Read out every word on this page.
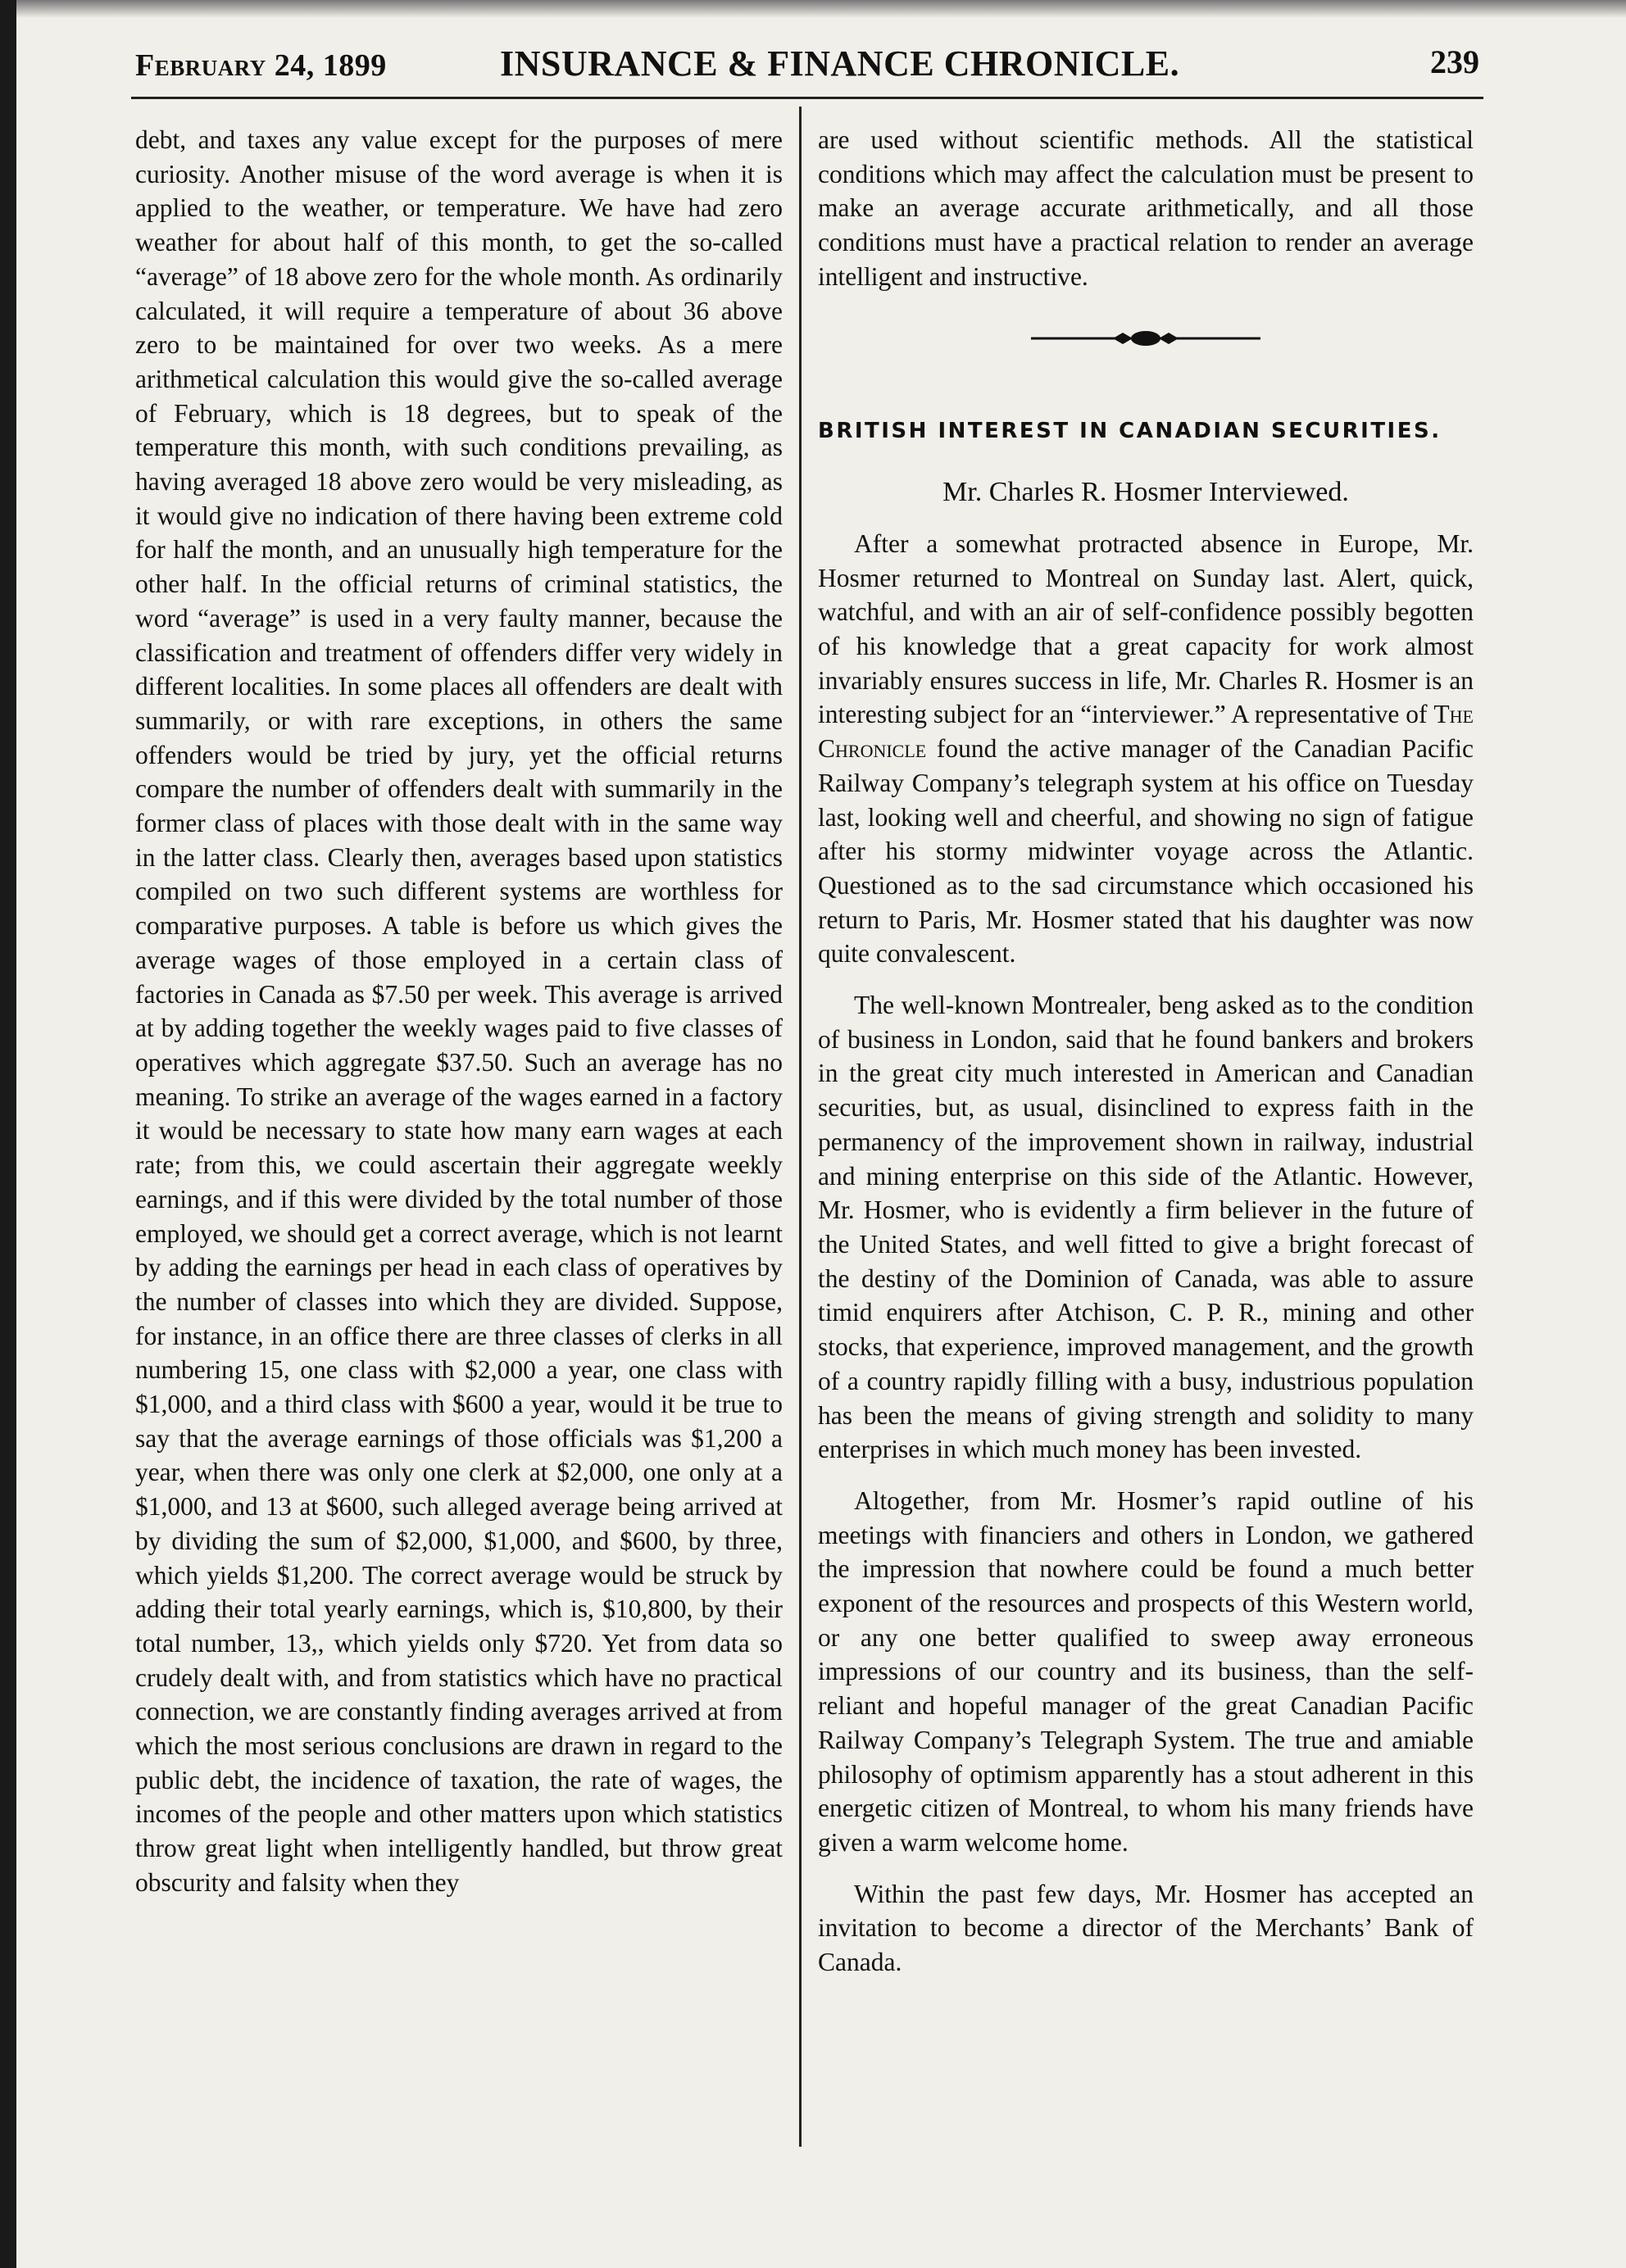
February 24, 1899	INSURANCE & FINANCE CHRONICLE.	239

debt, and taxes any value except for the purposes of mere curiosity. Another misuse of the word average is when it is applied to the weather, or temperature. We have had zero weather for about half of this month, to get the so-called “average” of 18 above zero for the whole month. As ordinarily calculated, it will require a temperature of about 36 above zero to be maintained for over two weeks. As a mere arithmetical calculation this would give the so-called average of February, which is 18 degrees, but to speak of the temperature this month, with such conditions prevailing, as having averaged 18 above zero would be very misleading, as it would give no indication of there having been extreme cold for half the month, and an unusually high temperature for the other half. In the official returns of criminal statistics, the word “average” is used in a very faulty manner, because the classification and treatment of offenders differ very widely in different localities. In some places all offenders are dealt with summarily, or with rare exceptions, in others the same offenders would be tried by jury, yet the official returns compare the number of offenders dealt with summarily in the former class of places with those dealt with in the same way in the latter class. Clearly then, averages based upon statistics compiled on two such different systems are worthless for comparative purposes. A table is before us which gives the average wages of those employed in a certain class of factories in Canada as $7.50 per week. This average is arrived at by adding together the weekly wages paid to five classes of operatives which aggregate $37.50. Such an average has no meaning. To strike an average of the wages earned in a factory it would be necessary to state how many earn wages at each rate; from this, we could ascertain their aggregate weekly earnings, and if this were divided by the total number of those employed, we should get a correct average, which is not learnt by adding the earnings per head in each class of operatives by the number of classes into which they are divided. Suppose, for instance, in an office there are three classes of clerks in all numbering 15, one class with $2,000 a year, one class with $1,000, and a third class with $600 a year, would it be true to say that the average earnings of those officials was $1,200 a year, when there was only one clerk at $2,000, one only at a $1,000, and 13 at $600, such alleged average being arrived at by dividing the sum of $2,000, $1,000, and $600, by three, which yields $1,200. The correct average would be struck by adding their total yearly earnings, which is, $10,800, by their total number, 13,, which yields only $720. Yet from data so crudely dealt with, and from statistics which have no practical connection, we are constantly finding averages arrived at from which the most serious conclusions are drawn in regard to the public debt, the incidence of taxation, the rate of wages, the incomes of the people and other matters upon which statistics throw great light when intelligently handled, but throw great obscurity and falsity when they

are used without scientific methods. All the statistical conditions which may affect the calculation must be present to make an average accurate arithmetically, and all those conditions must have a practical relation to render an average intelligent and instructive.

BRITISH INTEREST IN CANADIAN SECURITIES.
Mr. Charles R. Hosmer Interviewed.

After a somewhat protracted absence in Europe, Mr. Hosmer returned to Montreal on Sunday last. Alert, quick, watchful, and with an air of self-confidence possibly begotten of his knowledge that a great capacity for work almost invariably ensures success in life, Mr. Charles R. Hosmer is an interesting subject for an “interviewer.” A representative of The Chronicle found the active manager of the Canadian Pacific Railway Company’s telegraph system at his office on Tuesday last, looking well and cheerful, and showing no sign of fatigue after his stormy midwinter voyage across the Atlantic. Questioned as to the sad circumstance which occasioned his return to Paris, Mr. Hosmer stated that his daughter was now quite convalescent.

The well-known Montrealer, beng asked as to the condition of business in London, said that he found bankers and brokers in the great city much interested in American and Canadian securities, but, as usual, disinclined to express faith in the permanency of the improvement shown in railway, industrial and mining enterprise on this side of the Atlantic. However, Mr. Hosmer, who is evidently a firm believer in the future of the United States, and well fitted to give a bright forecast of the destiny of the Dominion of Canada, was able to assure timid enquirers after Atchison, C. P. R., mining and other stocks, that experience, improved management, and the growth of a country rapidly filling with a busy, industrious population has been the means of giving strength and solidity to many enterprises in which much money has been invested.

Altogether, from Mr. Hosmer’s rapid outline of his meetings with financiers and others in London, we gathered the impression that nowhere could be found a much better exponent of the resources and prospects of this Western world, or any one better qualified to sweep away erroneous impressions of our country and its business, than the self-reliant and hopeful manager of the great Canadian Pacific Railway Company’s Telegraph System. The true and amiable philosophy of optimism apparently has a stout adherent in this energetic citizen of Montreal, to whom his many friends have given a warm welcome home.

Within the past few days, Mr. Hosmer has accepted an invitation to become a director of the Merchants’ Bank of Canada.
